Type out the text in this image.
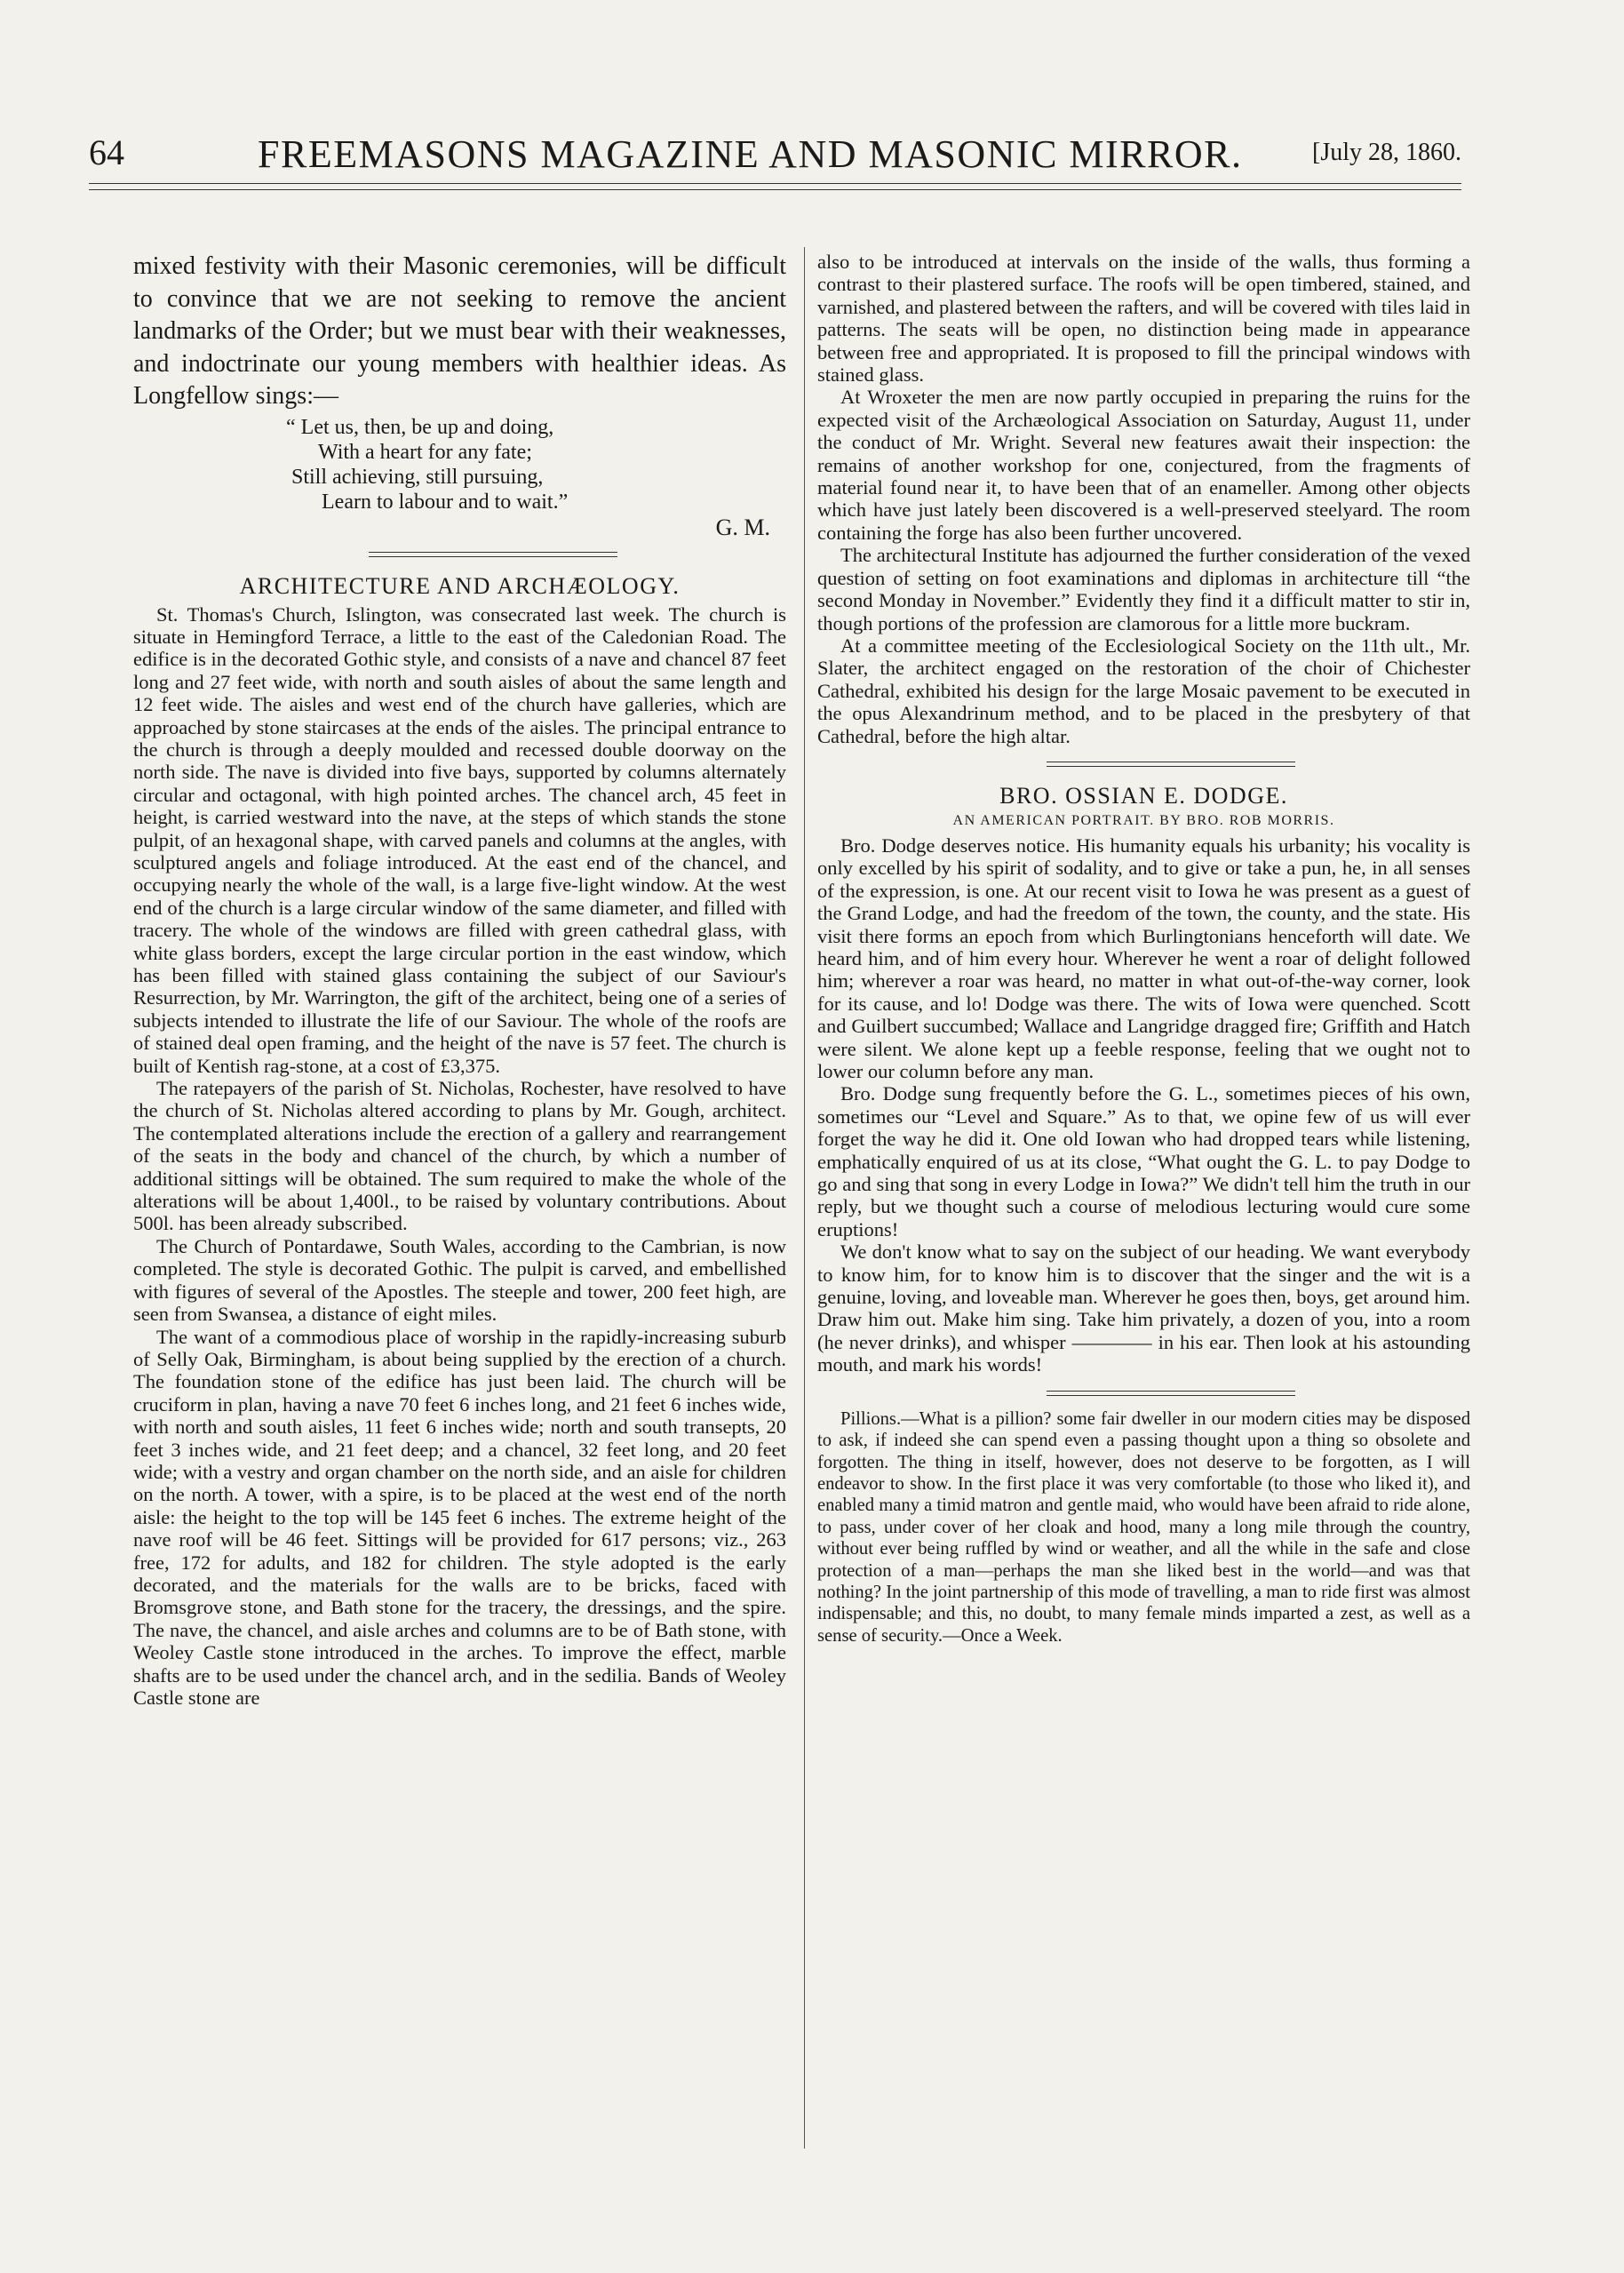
64	FREEMASONS MAGAZINE AND MASONIC MIRROR.	[July 28, 1860.

mixed festivity with their Masonic ceremonies, will be difficult to convince that we are not seeking to remove the ancient landmarks of the Order; but we must bear with their weaknesses, and indoctrinate our young members with healthier ideas. As Longfellow sings:—

“ Let us, then, be up and doing,
With a heart for any fate;
Still achieving, still pursuing,
Learn to labour and to wait.”
G. M.
ARCHITECTURE AND ARCHÆOLOGY.

St. Thomas's Church, Islington, was consecrated last week. The church is situate in Hemingford Terrace, a little to the east of the Caledonian Road. The edifice is in the decorated Gothic style, and consists of a nave and chancel 87 feet long and 27 feet wide, with north and south aisles of about the same length and 12 feet wide. The aisles and west end of the church have galleries, which are approached by stone staircases at the ends of the aisles. The principal entrance to the church is through a deeply moulded and recessed double doorway on the north side. The nave is divided into five bays, supported by columns alternately circular and octagonal, with high pointed arches. The chancel arch, 45 feet in height, is carried westward into the nave, at the steps of which stands the stone pulpit, of an hexagonal shape, with carved panels and columns at the angles, with sculptured angels and foliage introduced. At the east end of the chancel, and occupying nearly the whole of the wall, is a large five-light window. At the west end of the church is a large circular window of the same diameter, and filled with tracery. The whole of the windows are filled with green cathedral glass, with white glass borders, except the large circular portion in the east window, which has been filled with stained glass containing the subject of our Saviour's Resurrection, by Mr. Warrington, the gift of the architect, being one of a series of subjects intended to illustrate the life of our Saviour. The whole of the roofs are of stained deal open framing, and the height of the nave is 57 feet. The church is built of Kentish rag-stone, at a cost of £3,375.

The ratepayers of the parish of St. Nicholas, Rochester, have resolved to have the church of St. Nicholas altered according to plans by Mr. Gough, architect. The contemplated alterations include the erection of a gallery and rearrangement of the seats in the body and chancel of the church, by which a number of additional sittings will be obtained. The sum required to make the whole of the alterations will be about 1,400l., to be raised by voluntary contributions. About 500l. has been already subscribed.

The Church of Pontardawe, South Wales, according to the Cambrian, is now completed. The style is decorated Gothic. The pulpit is carved, and embellished with figures of several of the Apostles. The steeple and tower, 200 feet high, are seen from Swansea, a distance of eight miles.

The want of a commodious place of worship in the rapidly-increasing suburb of Selly Oak, Birmingham, is about being supplied by the erection of a church. The foundation stone of the edifice has just been laid. The church will be cruciform in plan, having a nave 70 feet 6 inches long, and 21 feet 6 inches wide, with north and south aisles, 11 feet 6 inches wide; north and south transepts, 20 feet 3 inches wide, and 21 feet deep; and a chancel, 32 feet long, and 20 feet wide; with a vestry and organ chamber on the north side, and an aisle for children on the north. A tower, with a spire, is to be placed at the west end of the north aisle: the height to the top will be 145 feet 6 inches. The extreme height of the nave roof will be 46 feet. Sittings will be provided for 617 persons; viz., 263 free, 172 for adults, and 182 for children. The style adopted is the early decorated, and the materials for the walls are to be bricks, faced with Bromsgrove stone, and Bath stone for the tracery, the dressings, and the spire. The nave, the chancel, and aisle arches and columns are to be of Bath stone, with Weoley Castle stone introduced in the arches. To improve the effect, marble shafts are to be used under the chancel arch, and in the sedilia. Bands of Weoley Castle stone are

also to be introduced at intervals on the inside of the walls, thus forming a contrast to their plastered surface. The roofs will be open timbered, stained, and varnished, and plastered between the rafters, and will be covered with tiles laid in patterns. The seats will be open, no distinction being made in appearance between free and appropriated. It is proposed to fill the principal windows with stained glass.

At Wroxeter the men are now partly occupied in preparing the ruins for the expected visit of the Archæological Association on Saturday, August 11, under the conduct of Mr. Wright. Several new features await their inspection: the remains of another workshop for one, conjectured, from the fragments of material found near it, to have been that of an enameller. Among other objects which have just lately been discovered is a well-preserved steelyard. The room containing the forge has also been further uncovered.

The architectural Institute has adjourned the further consideration of the vexed question of setting on foot examinations and diplomas in architecture till “the second Monday in November.” Evidently they find it a difficult matter to stir in, though portions of the profession are clamorous for a little more buckram.

At a committee meeting of the Ecclesiological Society on the 11th ult., Mr. Slater, the architect engaged on the restoration of the choir of Chichester Cathedral, exhibited his design for the large Mosaic pavement to be executed in the opus Alexandrinum method, and to be placed in the presbytery of that Cathedral, before the high altar.

BRO. OSSIAN E. DODGE.
AN AMERICAN PORTRAIT. BY BRO. ROB MORRIS.

Bro. Dodge deserves notice. His humanity equals his urbanity; his vocality is only excelled by his spirit of sodality, and to give or take a pun, he, in all senses of the expression, is one. At our recent visit to Iowa he was present as a guest of the Grand Lodge, and had the freedom of the town, the county, and the state. His visit there forms an epoch from which Burlingtonians henceforth will date. We heard him, and of him every hour. Wherever he went a roar of delight followed him; wherever a roar was heard, no matter in what out-of-the-way corner, look for its cause, and lo! Dodge was there. The wits of Iowa were quenched. Scott and Guilbert succumbed; Wallace and Langridge dragged fire; Griffith and Hatch were silent. We alone kept up a feeble response, feeling that we ought not to lower our column before any man.

Bro. Dodge sung frequently before the G. L., sometimes pieces of his own, sometimes our “Level and Square.” As to that, we opine few of us will ever forget the way he did it. One old Iowan who had dropped tears while listening, emphatically enquired of us at its close, “What ought the G. L. to pay Dodge to go and sing that song in every Lodge in Iowa?” We didn't tell him the truth in our reply, but we thought such a course of melodious lecturing would cure some eruptions!

We don't know what to say on the subject of our heading. We want everybody to know him, for to know him is to discover that the singer and the wit is a genuine, loving, and loveable man. Wherever he goes then, boys, get around him. Draw him out. Make him sing. Take him privately, a dozen of you, into a room (he never drinks), and whisper ———— in his ear. Then look at his astounding mouth, and mark his words!

Pillions.—What is a pillion? some fair dweller in our modern cities may be disposed to ask, if indeed she can spend even a passing thought upon a thing so obsolete and forgotten. The thing in itself, however, does not deserve to be forgotten, as I will endeavor to show. In the first place it was very comfortable (to those who liked it), and enabled many a timid matron and gentle maid, who would have been afraid to ride alone, to pass, under cover of her cloak and hood, many a long mile through the country, without ever being ruffled by wind or weather, and all the while in the safe and close protection of a man—perhaps the man she liked best in the world—and was that nothing? In the joint partnership of this mode of travelling, a man to ride first was almost indispensable; and this, no doubt, to many female minds imparted a zest, as well as a sense of security.—Once a Week.
